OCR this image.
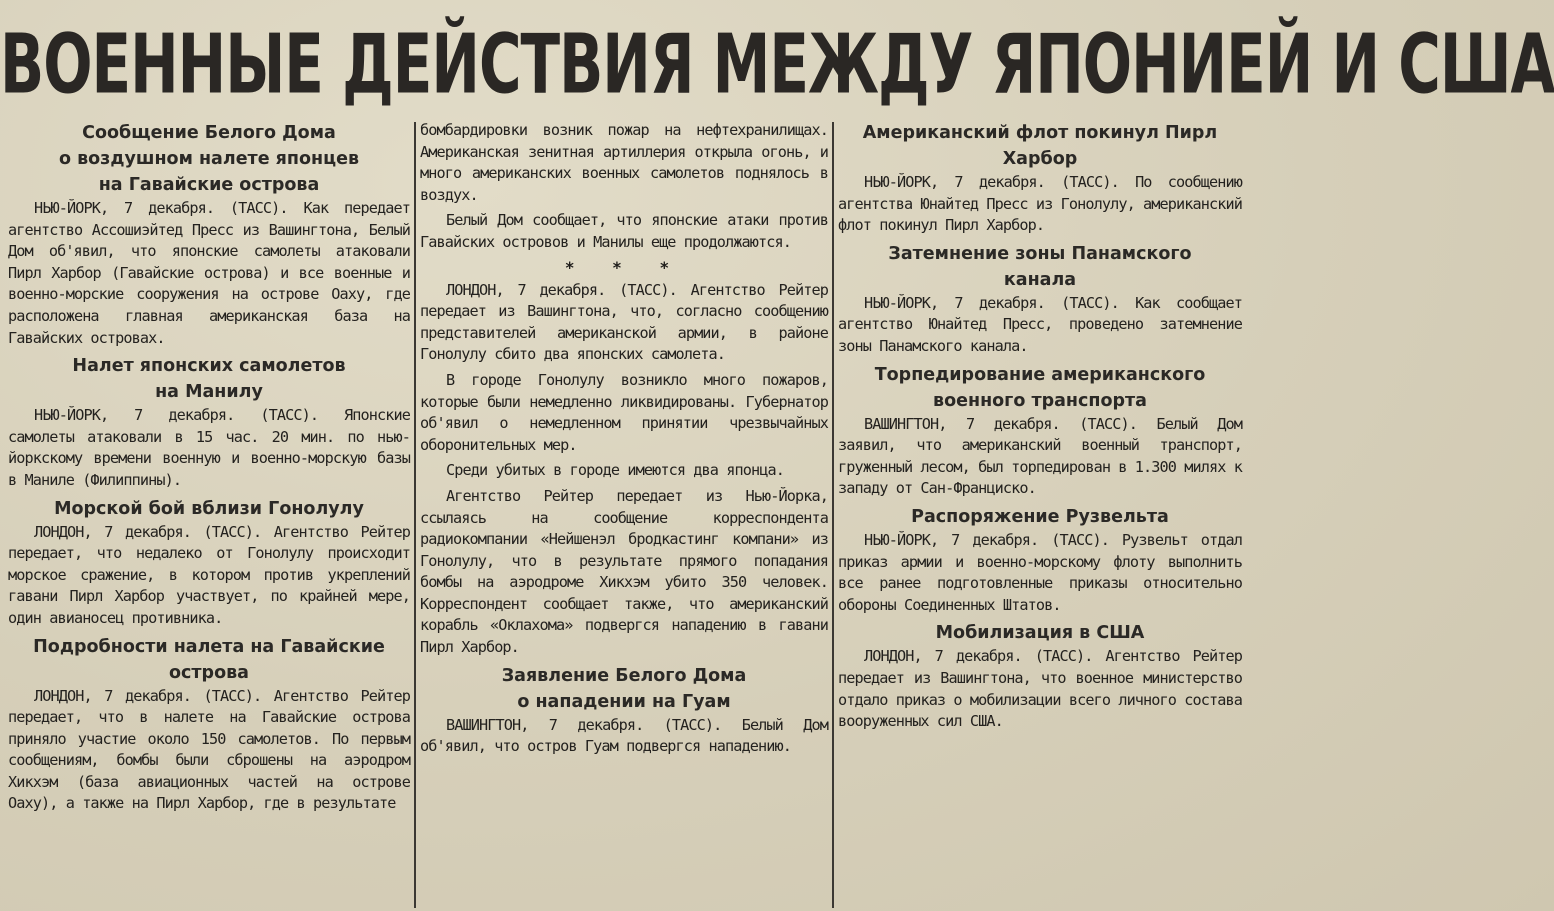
ВОЕННЫЕ ДЕЙСТВИЯ МЕЖДУ ЯПОНИЕЙ И США
Сообщение Белого Дома
о воздушном налете японцев
на Гавайские острова

НЬЮ-ЙОРК, 7 декабря. (ТАСС). Как передает агентство Ассошиэйтед Пресс из Вашингтона, Белый Дом об'явил, что японские самолеты атаковали Пирл Харбор (Гавайские острова) и все военные и военно-морские сооружения на острове Оаху, где расположена главная американская база на Гавайских островах.

Налет японских самолетов
на Манилу

НЬЮ-ЙОРК, 7 декабря. (ТАСС). Японские самолеты атаковали в 15 час. 20 мин. по нью-йоркскому времени военную и военно-морскую базы в Маниле (Филиппины).

Морской бой вблизи Гонолулу

ЛОНДОН, 7 декабря. (ТАСС). Агентство Рейтер передает, что недалеко от Гонолулу происходит морское сражение, в котором против укреплений гавани Пирл Харбор участвует, по крайней мере, один авианосец противника.

Подробности налета на Гавайские
острова

ЛОНДОН, 7 декабря. (ТАСС). Агентство Рейтер передает, что в налете на Гавайские острова приняло участие около 150 самолетов. По первым сообщениям, бомбы были сброшены на аэродром Хикхэм (база авиационных частей на острове Оаху), а также на Пирл Харбор, где в результате

бомбардировки возник пожар на нефтехранилищах. Американская зенитная артиллерия открыла огонь, и много американских военных самолетов поднялось в воздух.

Белый Дом сообщает, что японские атаки против Гавайских островов и Манилы еще продолжаются.

* * *

ЛОНДОН, 7 декабря. (ТАСС). Агентство Рейтер передает из Вашингтона, что, согласно сообщению представителей американской армии, в районе Гонолулу сбито два японских самолета.

В городе Гонолулу возникло много пожаров, которые были немедленно ликвидированы. Губернатор об'явил о немедленном принятии чрезвычайных оборонительных мер.

Среди убитых в городе имеются два японца.

Агентство Рейтер передает из Нью-Йорка, ссылаясь на сообщение корреспондента радиокомпании «Нейшенэл бродкастинг компани» из Гонолулу, что в результате прямого попадания бомбы на аэродроме Хикхэм убито 350 человек. Корреспондент сообщает также, что американский корабль «Оклахома» подвергся нападению в гавани Пирл Харбор.

Заявление Белого Дома
о нападении на Гуам

ВАШИНГТОН, 7 декабря. (ТАСС). Белый Дом об'явил, что остров Гуам подвергся нападению.

Американский флот покинул Пирл
Харбор

НЬЮ-ЙОРК, 7 декабря. (ТАСС). По сообщению агентства Юнайтед Пресс из Гонолулу, американский флот покинул Пирл Харбор.

Затемнение зоны Панамского
канала

НЬЮ-ЙОРК, 7 декабря. (ТАСС). Как сообщает агентство Юнайтед Пресс, проведено затемнение зоны Панамского канала.

Торпедирование американского
военного транспорта

ВАШИНГТОН, 7 декабря. (ТАСС). Белый Дом заявил, что американский военный транспорт, груженный лесом, был торпедирован в 1.300 милях к западу от Сан-Франциско.

Распоряжение Рузвельта

НЬЮ-ЙОРК, 7 декабря. (ТАСС). Рузвельт отдал приказ армии и военно-морскому флоту выполнить все ранее подготовленные приказы относительно обороны Соединенных Штатов.

Мобилизация в США

ЛОНДОН, 7 декабря. (ТАСС). Агентство Рейтер передает из Вашингтона, что военное министерство отдало приказ о мобилизации всего личного состава вооруженных сил США.
